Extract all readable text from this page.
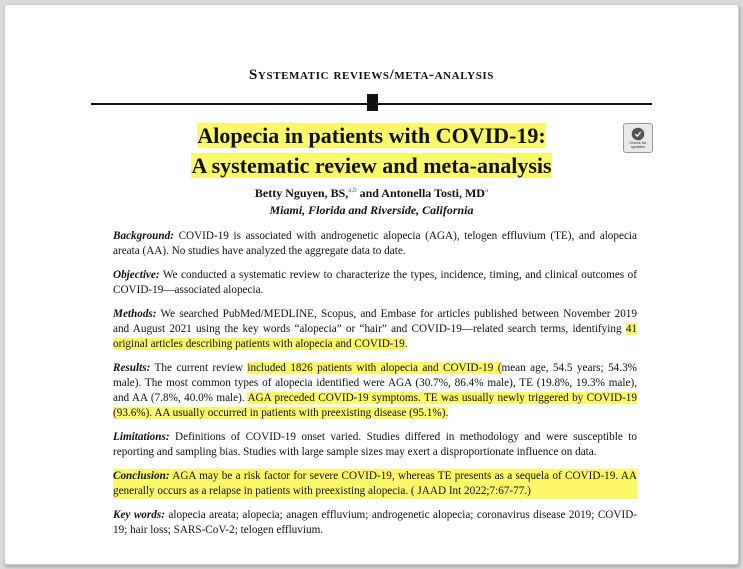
Systematic reviews/meta-analysis
Alopecia in patients with COVID-19:
A systematic review and meta-analysis
Check for updates
Betty Nguyen, BS,$^{a,b}$ and Antonella Tosti, $MD^a$
Miami, Florida and Riverside, California

Background: COVID-19 is associated with androgenetic alopecia (AGA), telogen effluvium (TE), and alopecia areata (AA). No studies have analyzed the aggregate data to date.

Objective: We conducted a systematic review to characterize the types, incidence, timing, and clinical outcomes of COVID-19—associated alopecia.

Methods: We searched PubMed/MEDLINE, Scopus, and Embase for articles published between November 2019 and August 2021 using the key words “alopecia” or “hair” and COVID-19—related search terms, identifying 41 original articles describing patients with alopecia and COVID-19.

Results: The current review included 1826 patients with alopecia and COVID-19 (mean age, 54.5 years; 54.3% male). The most common types of alopecia identified were AGA (30.7%, 86.4% male), TE (19.8%, 19.3% male), and AA (7.8%, 40.0% male). AGA preceded COVID-19 symptoms. TE was usually newly triggered by COVID-19 (93.6%). AA usually occurred in patients with preexisting disease (95.1%).

Limitations: Definitions of COVID-19 onset varied. Studies differed in methodology and were susceptible to reporting and sampling bias. Studies with large sample sizes may exert a disproportionate influence on data.

Conclusion: AGA may be a risk factor for severe COVID-19, whereas TE presents as a sequela of COVID-19. AA generally occurs as a relapse in patients with preexisting alopecia. ( JAAD Int 2022;7:67-77.)

Key words: alopecia areata; alopecia; anagen effluvium; androgenetic alopecia; coronavirus disease 2019; COVID-19; hair loss; SARS-CoV-2; telogen effluvium.
